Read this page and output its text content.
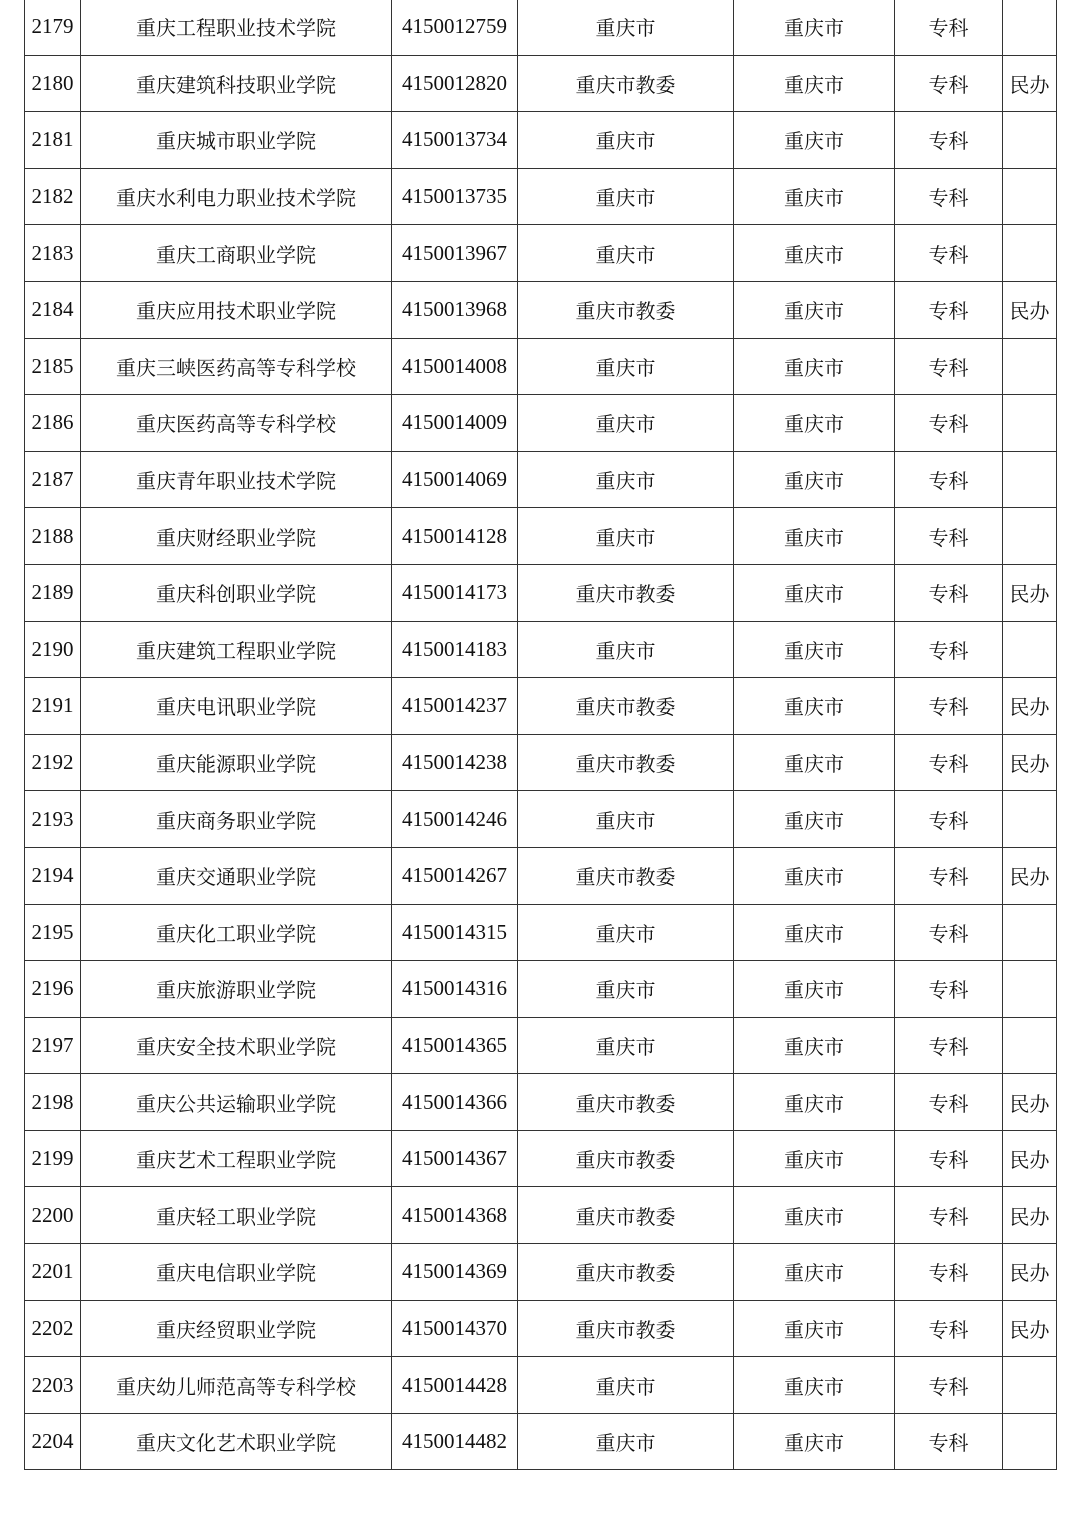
2179	重庆工程职业技术学院	4150012759	重庆市	重庆市	专科	
2180	重庆建筑科技职业学院	4150012820	重庆市教委	重庆市	专科	民办
2181	重庆城市职业学院	4150013734	重庆市	重庆市	专科	
2182	重庆水利电力职业技术学院	4150013735	重庆市	重庆市	专科	
2183	重庆工商职业学院	4150013967	重庆市	重庆市	专科	
2184	重庆应用技术职业学院	4150013968	重庆市教委	重庆市	专科	民办
2185	重庆三峡医药高等专科学校	4150014008	重庆市	重庆市	专科	
2186	重庆医药高等专科学校	4150014009	重庆市	重庆市	专科	
2187	重庆青年职业技术学院	4150014069	重庆市	重庆市	专科	
2188	重庆财经职业学院	4150014128	重庆市	重庆市	专科	
2189	重庆科创职业学院	4150014173	重庆市教委	重庆市	专科	民办
2190	重庆建筑工程职业学院	4150014183	重庆市	重庆市	专科	
2191	重庆电讯职业学院	4150014237	重庆市教委	重庆市	专科	民办
2192	重庆能源职业学院	4150014238	重庆市教委	重庆市	专科	民办
2193	重庆商务职业学院	4150014246	重庆市	重庆市	专科	
2194	重庆交通职业学院	4150014267	重庆市教委	重庆市	专科	民办
2195	重庆化工职业学院	4150014315	重庆市	重庆市	专科	
2196	重庆旅游职业学院	4150014316	重庆市	重庆市	专科	
2197	重庆安全技术职业学院	4150014365	重庆市	重庆市	专科	
2198	重庆公共运输职业学院	4150014366	重庆市教委	重庆市	专科	民办
2199	重庆艺术工程职业学院	4150014367	重庆市教委	重庆市	专科	民办
2200	重庆轻工职业学院	4150014368	重庆市教委	重庆市	专科	民办
2201	重庆电信职业学院	4150014369	重庆市教委	重庆市	专科	民办
2202	重庆经贸职业学院	4150014370	重庆市教委	重庆市	专科	民办
2203	重庆幼儿师范高等专科学校	4150014428	重庆市	重庆市	专科	
2204	重庆文化艺术职业学院	4150014482	重庆市	重庆市	专科	
